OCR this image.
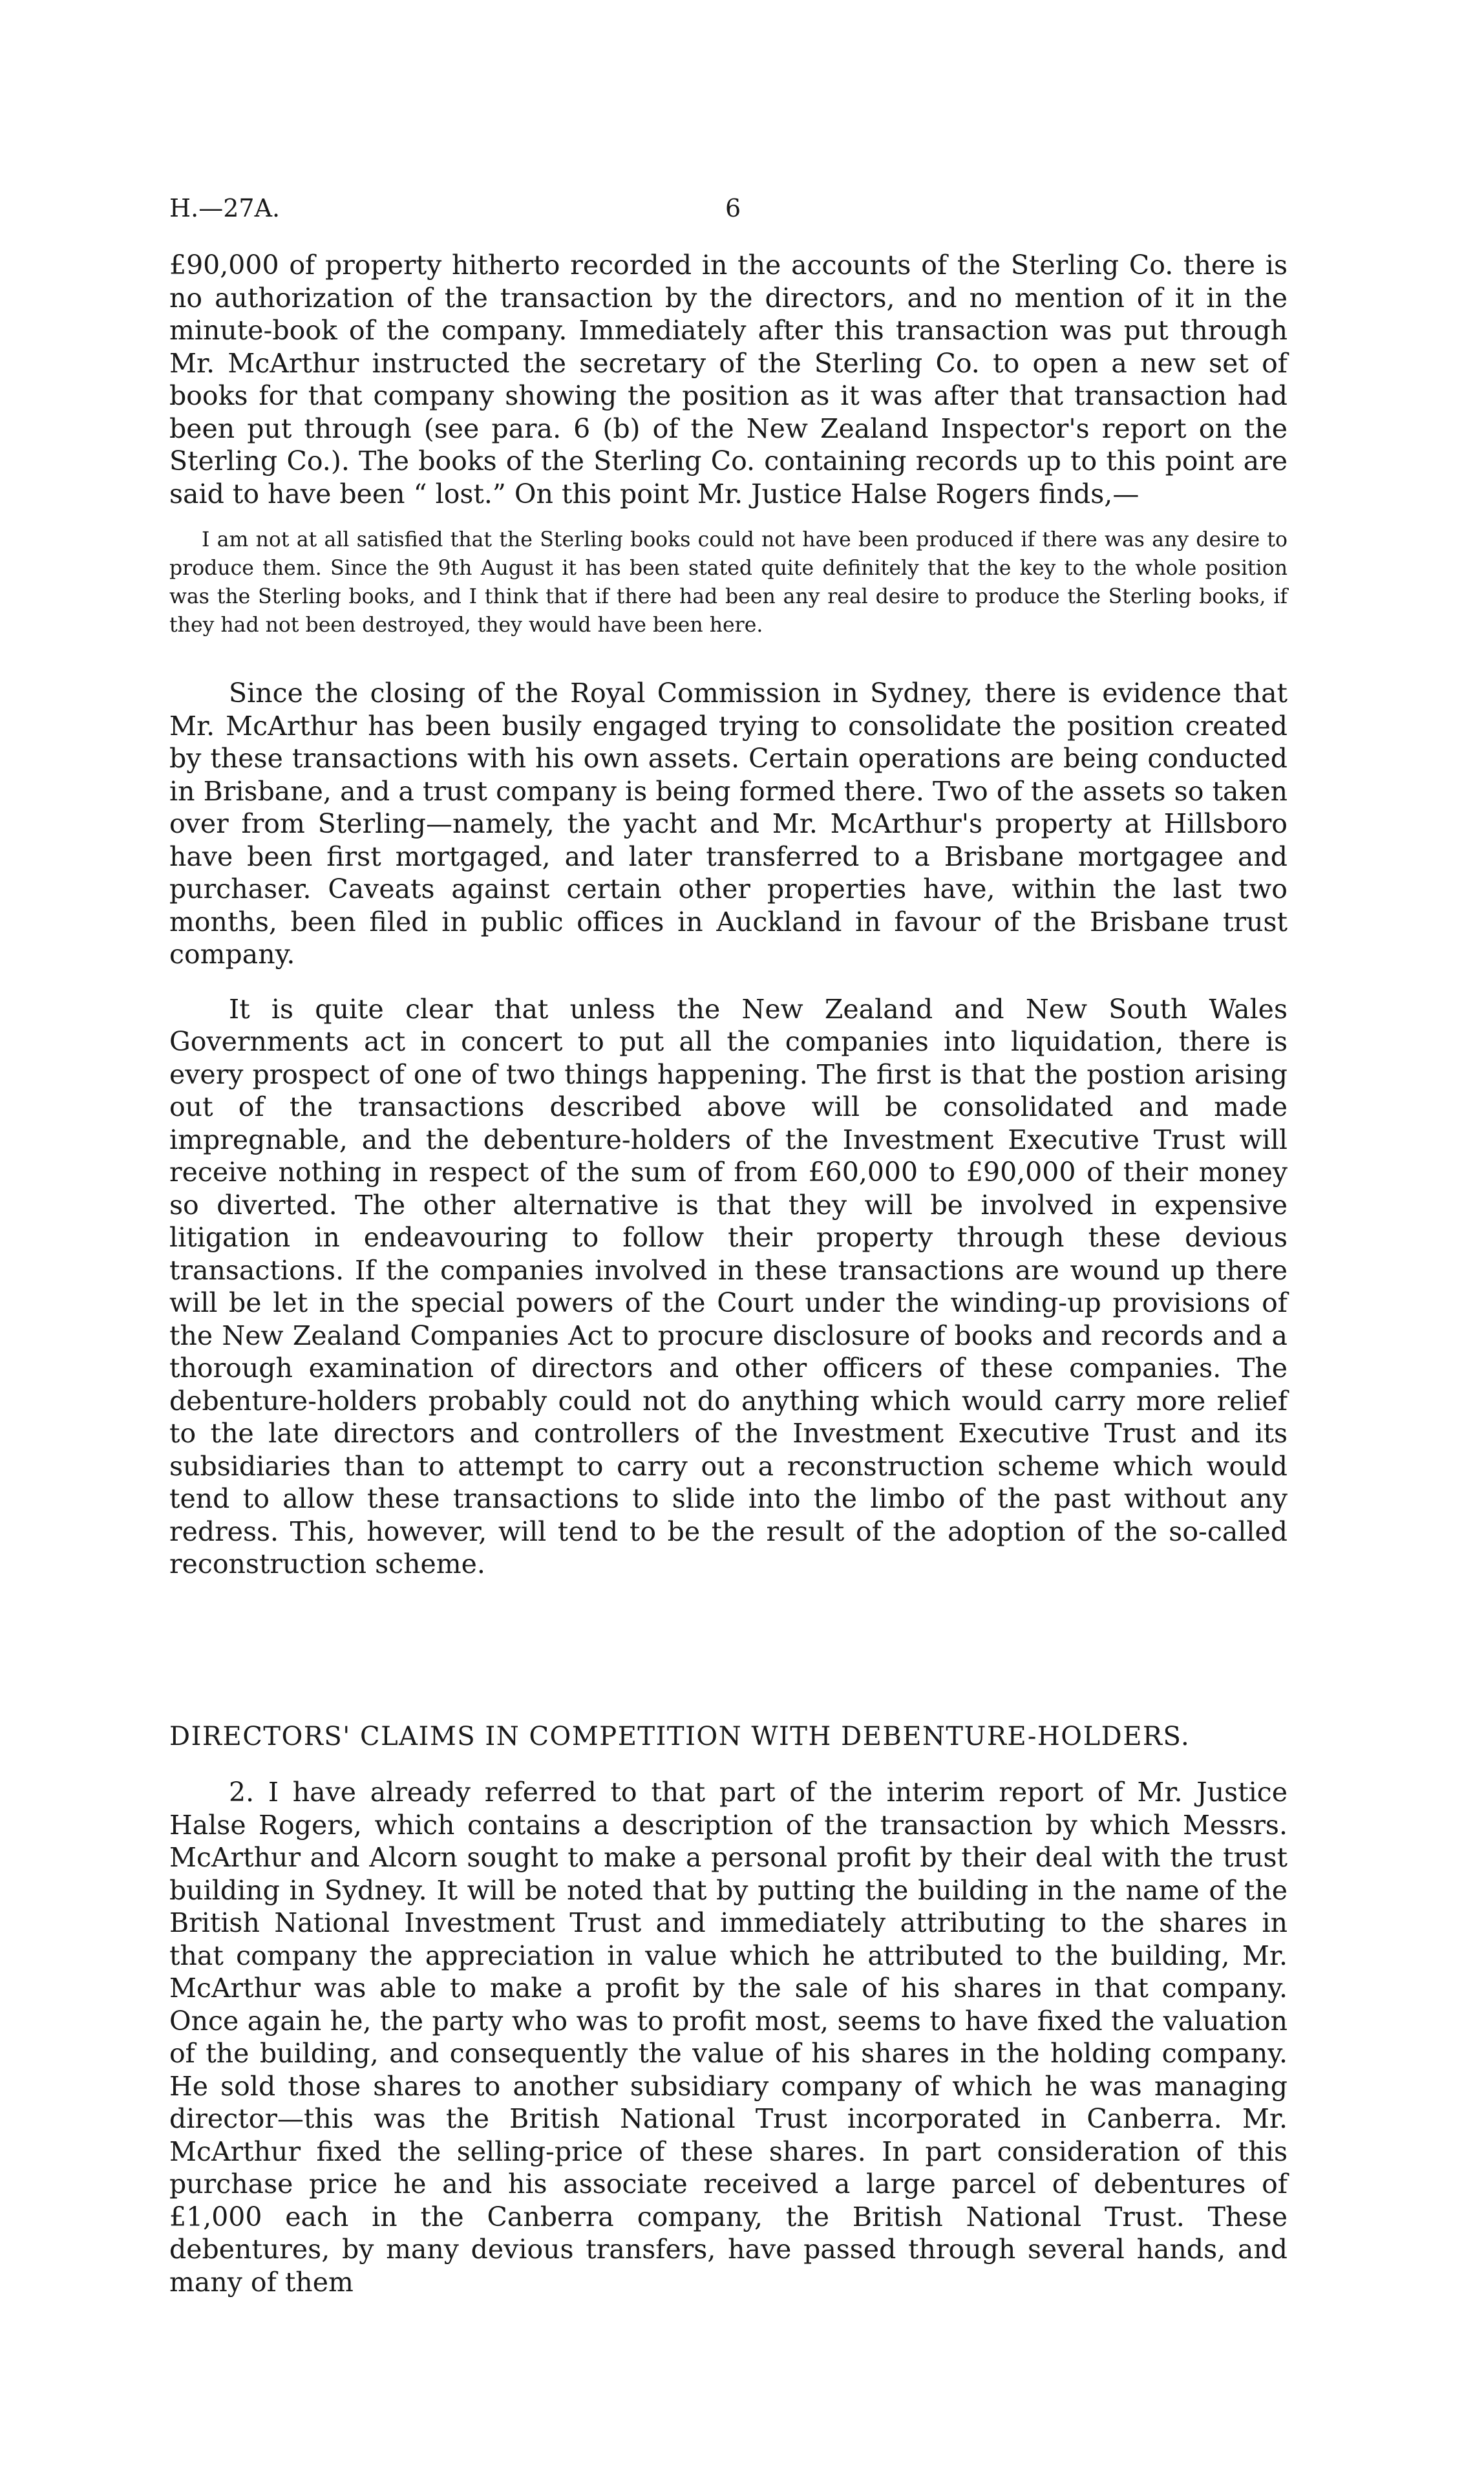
H.—27A.	6

£90,000 of property hitherto recorded in the accounts of the Sterling Co. there is no authorization of the transaction by the directors, and no mention of it in the minute-book of the company. Immediately after this transaction was put through Mr. McArthur instructed the secretary of the Sterling Co. to open a new set of books for that company showing the position as it was after that transaction had been put through (see para. 6 (b) of the New Zealand Inspector's report on the Sterling Co.). The books of the Sterling Co. containing records up to this point are said to have been “ lost.” On this point Mr. Justice Halse Rogers finds,—

I am not at all satisfied that the Sterling books could not have been produced if there was any desire to produce them. Since the 9th August it has been stated quite definitely that the key to the whole position was the Sterling books, and I think that if there had been any real desire to produce the Sterling books, if they had not been destroyed, they would have been here.

Since the closing of the Royal Commission in Sydney, there is evidence that Mr. McArthur has been busily engaged trying to consolidate the position created by these transactions with his own assets. Certain operations are being conducted in Brisbane, and a trust company is being formed there. Two of the assets so taken over from Sterling—namely, the yacht and Mr. McArthur's property at Hillsboro have been first mortgaged, and later transferred to a Brisbane mortgagee and purchaser. Caveats against certain other properties have, within the last two months, been filed in public offices in Auckland in favour of the Brisbane trust company.

It is quite clear that unless the New Zealand and New South Wales Governments act in concert to put all the companies into liquidation, there is every prospect of one of two things happening. The first is that the postion arising out of the transactions described above will be consolidated and made impregnable, and the debenture-holders of the Investment Executive Trust will receive nothing in respect of the sum of from £60,000 to £90,000 of their money so diverted. The other alternative is that they will be involved in expensive litigation in endeavouring to follow their property through these devious transactions. If the companies involved in these transactions are wound up there will be let in the special powers of the Court under the winding-up provisions of the New Zealand Companies Act to procure disclosure of books and records and a thorough examination of directors and other officers of these companies. The debenture-holders probably could not do anything which would carry more relief to the late directors and controllers of the Investment Executive Trust and its subsidiaries than to attempt to carry out a reconstruction scheme which would tend to allow these transactions to slide into the limbo of the past without any redress. This, however, will tend to be the result of the adoption of the so-called reconstruction scheme.

DIRECTORS' CLAIMS IN COMPETITION WITH DEBENTURE-HOLDERS.

2. I have already referred to that part of the interim report of Mr. Justice Halse Rogers, which contains a description of the transaction by which Messrs. McArthur and Alcorn sought to make a personal profit by their deal with the trust building in Sydney. It will be noted that by putting the building in the name of the British National Investment Trust and immediately attributing to the shares in that company the appreciation in value which he attributed to the building, Mr. McArthur was able to make a profit by the sale of his shares in that company. Once again he, the party who was to profit most, seems to have fixed the valuation of the building, and consequently the value of his shares in the holding company. He sold those shares to another subsidiary company of which he was managing director—this was the British National Trust incorporated in Canberra. Mr. McArthur fixed the selling-price of these shares. In part consideration of this purchase price he and his associate received a large parcel of debentures of £1,000 each in the Canberra company, the British National Trust. These debentures, by many devious transfers, have passed through several hands, and many of them
